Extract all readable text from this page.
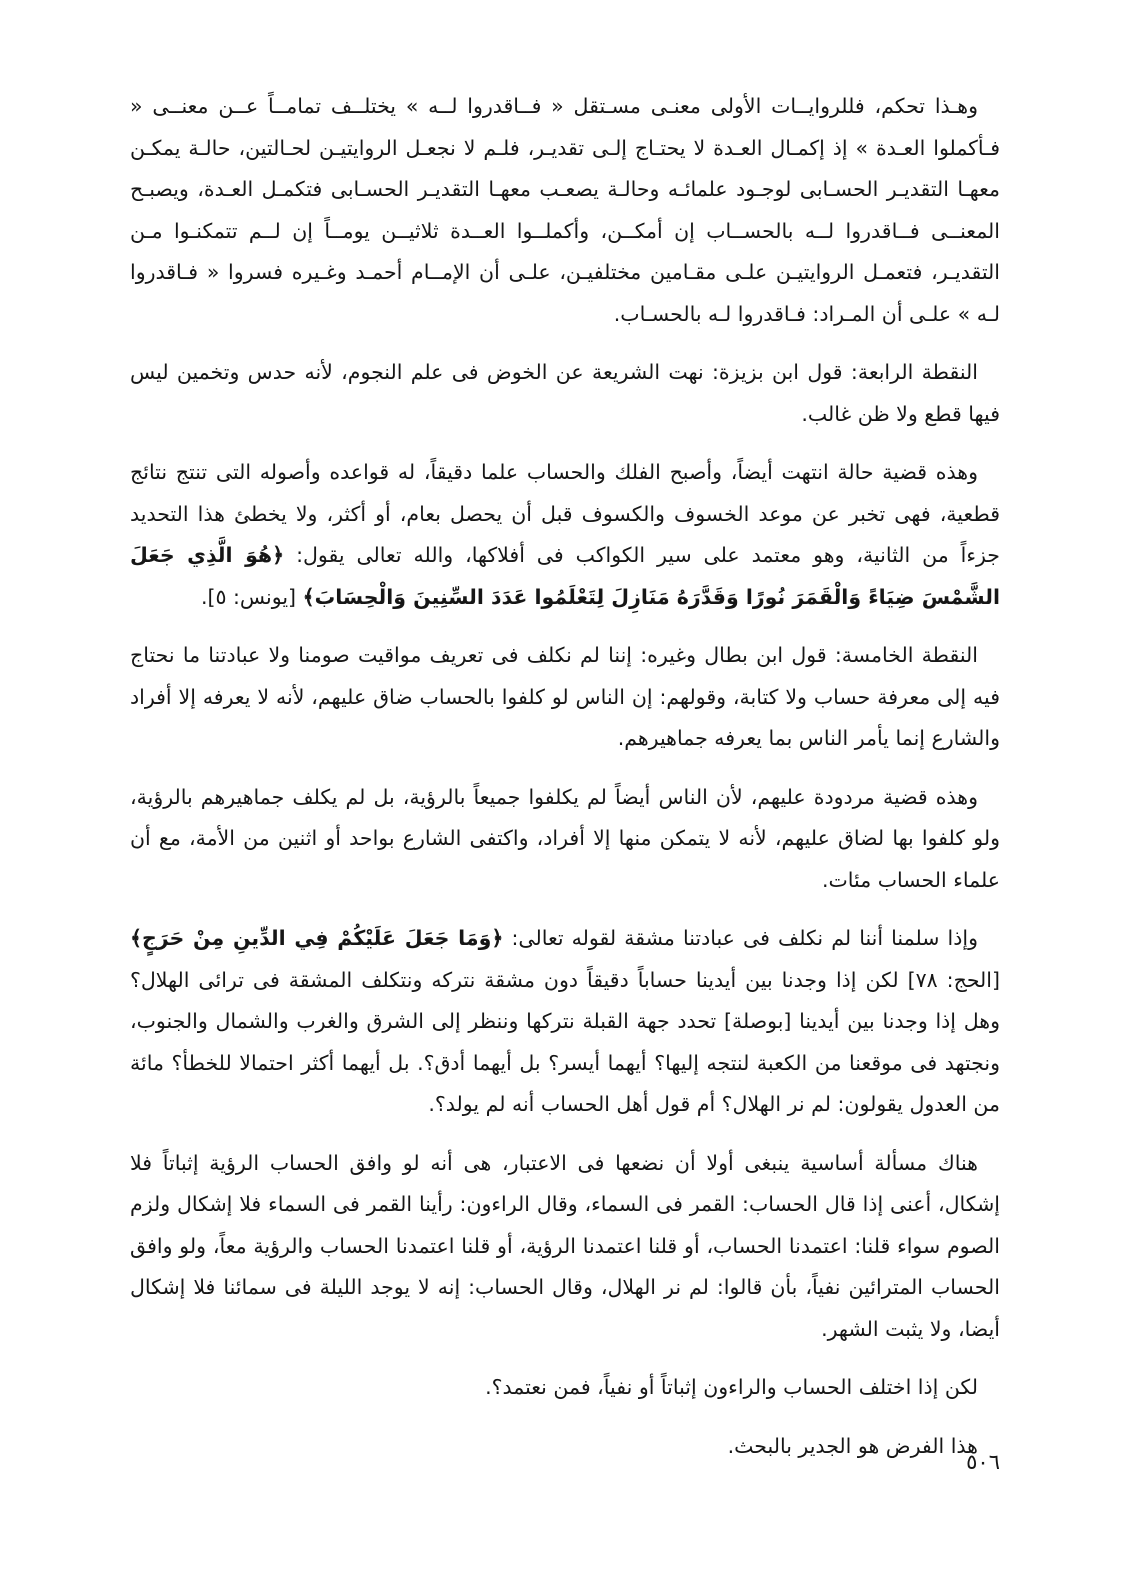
وهـذا تحكم، فللروايــات الأولى معنـى مسـتقل « فــاقدروا لــه » يختلــف تمامــاً عــن معنــى « فـأكملوا العـدة » إذ إكمـال العـدة لا يحتـاج إلـى تقديـر، فلـم لا نجعـل الروايتيـن لحـالتين، حالـة يمكـن معهـا التقديـر الحسـابى لوجـود علمائـه وحالـة يصعـب معهـا التقديـر الحسـابى فتكمـل العـدة، ويصبـح المعنــى فــاقدروا لــه بالحســاب إن أمكــن، وأكملــوا العــدة ثلاثيــن يومــاً إن لــم تتمكنـوا مـن التقديـر، فتعمـل الروايتيـن علـى مقـامين مختلفيـن، علـى أن الإمــام أحمـد وغـيره فسروا « فـاقدروا لـه » علـى أن المـراد: فـاقدروا لـه بالحسـاب.

النقطة الرابعة: قول ابن بزيزة: نهت الشريعة عن الخوض فى علم النجوم، لأنه حدس وتخمين ليس فيها قطع ولا ظن غالب.

وهذه قضية حالة انتهت أيضاً، وأصبح الفلك والحساب علما دقيقاً، له قواعده وأصوله التى تنتج نتائج قطعية، فهى تخبر عن موعد الخسوف والكسوف قبل أن يحصل بعام، أو أكثر، ولا يخطئ هذا التحديد جزءاً من الثانية، وهو معتمد على سير الكواكب فى أفلاكها، والله تعالى يقول: ﴿هُوَ الَّذِي جَعَلَ الشَّمْسَ ضِيَاءً وَالْقَمَرَ نُورًا وَقَدَّرَهُ مَنَازِلَ لِتَعْلَمُوا عَدَدَ السِّنِينَ وَالْحِسَابَ﴾ [يونس: ٥].

النقطة الخامسة: قول ابن بطال وغيره: إننا لم نكلف فى تعريف مواقيت صومنا ولا عبادتنا ما نحتاج فيه إلى معرفة حساب ولا كتابة، وقولهم: إن الناس لو كلفوا بالحساب ضاق عليهم، لأنه لا يعرفه إلا أفراد والشارع إنما يأمر الناس بما يعرفه جماهيرهم.

وهذه قضية مردودة عليهم، لأن الناس أيضاً لم يكلفوا جميعاً بالرؤية، بل لم يكلف جماهيرهم بالرؤية، ولو كلفوا بها لضاق عليهم، لأنه لا يتمكن منها إلا أفراد، واكتفى الشارع بواحد أو اثنين من الأمة، مع أن علماء الحساب مئات.

وإذا سلمنا أننا لم نكلف فى عبادتنا مشقة لقوله تعالى: ﴿وَمَا جَعَلَ عَلَيْكُمْ فِي الدِّينِ مِنْ حَرَجٍ﴾ [الحج: ٧٨] لكن إذا وجدنا بين أيدينا حساباً دقيقاً دون مشقة نتركه ونتكلف المشقة فى ترائى الهلال؟ وهل إذا وجدنا بين أيدينا [بوصلة] تحدد جهة القبلة نتركها وننظر إلى الشرق والغرب والشمال والجنوب، ونجتهد فى موقعنا من الكعبة لنتجه إليها؟ أيهما أيسر؟ بل أيهما أدق؟. بل أيهما أكثر احتمالا للخطأ؟ مائة من العدول يقولون: لم نر الهلال؟ أم قول أهل الحساب أنه لم يولد؟.

هناك مسألة أساسية ينبغى أولا أن نضعها فى الاعتبار، هى أنه لو وافق الحساب الرؤية إثباتاً فلا إشكال، أعنى إذا قال الحساب: القمر فى السماء، وقال الراءون: رأينا القمر فى السماء فلا إشكال ولزم الصوم سواء قلنا: اعتمدنا الحساب، أو قلنا اعتمدنا الرؤية، أو قلنا اعتمدنا الحساب والرؤية معاً، ولو وافق الحساب المترائين نفياً، بأن قالوا: لم نر الهلال، وقال الحساب: إنه لا يوجد الليلة فى سمائنا فلا إشكال أيضا، ولا يثبت الشهر.

لكن إذا اختلف الحساب والراءون إثباتاً أو نفياً، فمن نعتمد؟.

هذا الفرض هو الجدير بالبحث.

٥٠٦
